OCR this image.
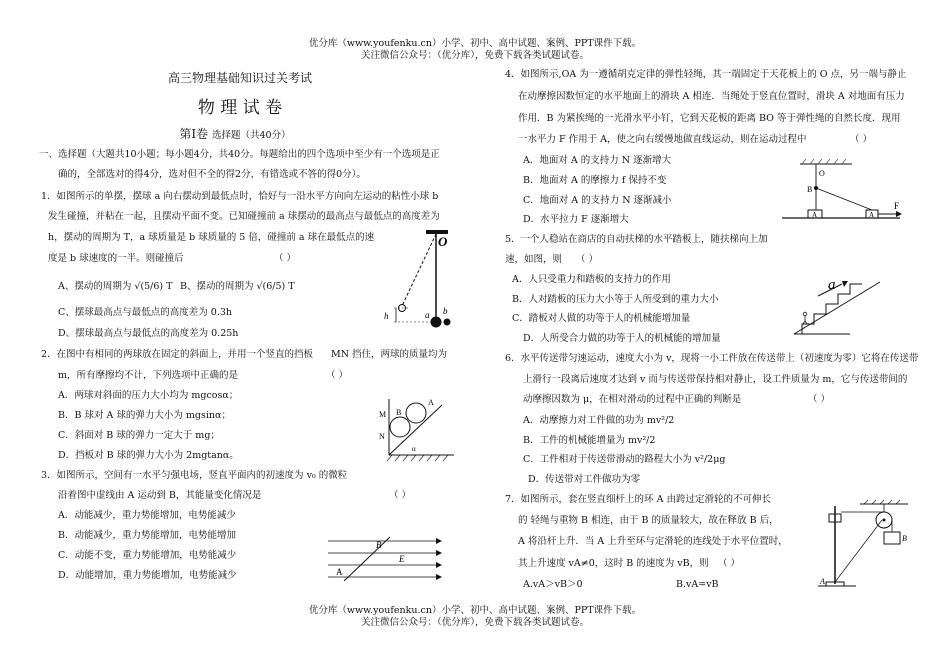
优分库（www.youfenku.cn）小学、初中、高中试题、案例、PPT课件下载。
关注微信公众号：（优分库），免费下载各类试题试卷。
优分库（www.youfenku.cn）小学、初中、高中试题、案例、PPT课件下载。
关注微信公众号：（优分库），免费下载各类试题试卷。
高三物理基础知识过关考试
物 理 试 卷
第Ⅰ卷 选择题（共40分）
一、选择题（大题共10小题；每小题4分，共40分。每题给出的四个选项中至少有一个选项是正
确的，全部选对的得4分，选对但不全的得2分，有错选或不答的得0分）。
1．如图所示的单摆，摆球 a 向右摆动到最低点时，恰好与一沿水平方向向左运动的粘性小球 b
发生碰撞，并粘在一起，且摆动平面不变。已知碰撞前 a 球摆动的最高点与最低点的高度差为
h，摆动的周期为 T，a 球质量是 b 球质量的 5 倍，碰撞前 a 球在最低点的速
度是 b 球速度的一半。则碰撞后	（ ）
A、摆动的周期为 √(5/6) T B、摆动的周期为 √(6/5) T
C、摆球最高点与最低点的高度差为 0.3h
D、摆球最高点与最低点的高度差为 0.25h
2．在图中有相同的两球放在固定的斜面上，并用一个竖直的挡板 MN 挡住，两球的质量均为
m，所有摩擦均不计，下列选项中正确的是	（ ）
A．两球对斜面的压力大小均为 mgcosα；
B．B 球对 A 球的弹力大小为 mgsinα；
C．斜面对 B 球的弹力一定大于 mg；
D．挡板对 B 球的弹力大小为 2mgtanα。
3．如图所示，空间有一水平匀强电场，竖直平面内的初速度为 v₀ 的微粒
沿着图中虚线由 A 运动到 B，其能量变化情况是	（ ）
A．动能减少，重力势能增加，电势能减少
B．动能减少，重力势能增加，电势能增加
C．动能不变，重力势能增加，电势能减少
D．动能增加，重力势能增加，电势能减少
4．如图所示,OA 为一遵循胡克定律的弹性轻绳，其一端固定于天花板上的 O 点，另一端与静止
在动摩擦因数恒定的水平地面上的滑块 A 相连．当绳处于竖直位置时，滑块 A 对地面有压力
作用．B 为紧挨绳的一光滑水平小钉，它到天花板的距离 BO 等于弹性绳的自然长度．现用
一水平力 F 作用于 A，使之向右缓慢地做直线运动，则在运动过程中	（ ）
A．地面对 A 的支持力 N 逐渐增大
B．地面对 A 的摩擦力 f 保持不变
C．地面对 A 的支持力 N 逐渐减小
D．水平拉力 F 逐渐增大
5．一个人稳站在商店的自动扶梯的水平踏板上，随扶梯向上加
速，如图，则 （ ）
A．人只受重力和踏板的支持力的作用
B．人对踏板的压力大小等于人所受到的重力大小
C．踏板对人做的功等于人的机械能增加量
D．人所受合力做的功等于人的机械能的增加量
6．水平传送带匀速运动，速度大小为 v，现将一小工件放在传送带上（初速度为零）它将在传送带
上滑行一段离后速度才达到 v 而与传送带保持相对静止，设工件质量为 m，它与传送带间的
动摩擦因数为 μ，在相对滑动的过程中正确的判断是	（ ）
A．动摩擦力对工件做的功为 mv²/2
B．工件的机械能增量为 mv²/2
C．工件相对于传送带滑动的路程大小为 v²/2μg
D．传送带对工件做功为零
7．如图所示，套在竖直细杆上的环 A 由跨过定滑轮的不可伸长
的 轻绳与重物 B 相连，由于 B 的质量较大，故在释放 B 后，
A 将沿杆上升．当 A 上升至环与定滑轮的连线处于水平位置时，
其上升速度 vA≠0，这时 B 的速度为 vB，则 （ ）
A.vA＞vB＞0	B.vA=vB
O
h	a b
M
N
B
A
α
B
E
A
O
B
A	A
F
a
A
B
